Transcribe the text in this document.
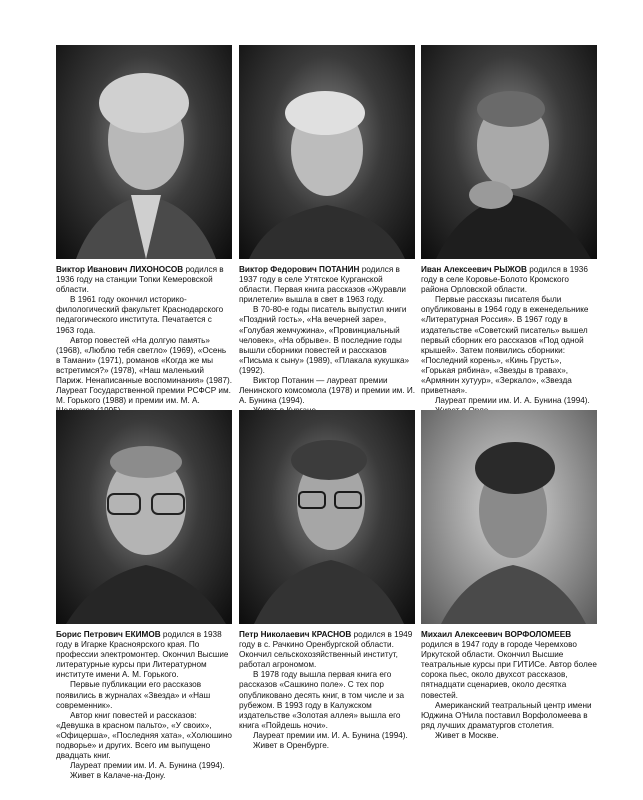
Виктор Иванович ЛИХОНОСОВ родился в 1936 году на станции Топки Кемеровской области.

В 1961 году окончил историко-филологический факультет Краснодарского педагогического института. Печатается с 1963 года.

Автор повестей «На долгую память» (1968), «Люблю тебя светло» (1969), «Осень в Тамани» (1971), романов «Когда же мы встретимся?» (1978), «Наш маленький Париж. Ненаписанные воспоминания» (1987). Лауреат Государственной премии РСФСР им. М. Горького (1988) и премии им. М. А.

Виктор Федорович ПОТАНИН родился в 1937 году в селе Утятское Курганской области. Первая книга рассказов «Журавли прилетели» вышла в свет в 1963 году.

В 70-80-е годы писатель выпустил книги «Поздний гость», «На вечерней заре», «Голубая жемчужина», «Провинциальный человек», «На обрыве». В последние годы вышли сборники повестей и рассказов «Письма к сыну» (1989), «Плакала кукушка» (1992).

Виктор Потанин — лауреат премии Ленинского комсомола (1978) и премии им. И. А. Бунина (1994).

Иван Алексеевич РЫЖОВ родился в 1936 году в селе Коровье-Болото Кромского района Орловской области.

Первые рассказы писателя были опубликованы в 1964 году в еженедельнике «Литературная Россия». В 1967 году в издательстве «Советский писатель» вышел первый сборник его рассказов «Под одной крышей». Затем появились сборники: «Последний корень», «Кинь Грусть», «Горькая рябина», «Звезды в травах», «Армянин хутуур», «Зеркало», «Звезда приветная».

Лауреат премии им. И. А. Бунина (1994).

Борис Петрович ЕКИМОВ родился в 1938 году в Игарке Красноярского края. По профессии электромонтер. Окончил Высшие литературные курсы при Литературном институте имени А. М. Горького.

Первые публикации его рассказов появились в журналах «Звезда» и «Наш современник».

Автор книг повестей и рассказов: «Девушка в красном пальто», «У своих», «Офицерша», «Последняя хата», «Холюшино подворье» и других. Всего им выпущено двадцать книг.

Лауреат премии им. И. А. Бунина (1994).

Живет в Калаче-на-Дону.

Петр Николаевич КРАСНОВ родился в 1949 году в с. Рачкино Оренбургской области. Окончил сельскохозяйственный институт, работал агрономом.

В 1978 году вышла первая книга его рассказов «Сашкино поле». С тех пор опубликовано десять книг, в том числе и за рубежом. В 1993 году в Калужском издательстве «Золотая аллея» вышла его книга «Пойдешь ночи».

Лауреат премии им. И. А. Бунина (1994).

Живет в Оренбурге.

Михаил Алексеевич ВОРФОЛОМЕЕВ родился в 1947 году в городе Черемхово Иркутской области. Окончил Высшие театральные курсы при ГИТИСе. Автор более сорока пьес, около двухсот рассказов, пятнадцати сценариев, около десятка повестей.

Американский театральный центр имени Юджина О'Нила поставил Ворфоломеева в ряд лучших драматургов столетия.

Живет в Москве.
